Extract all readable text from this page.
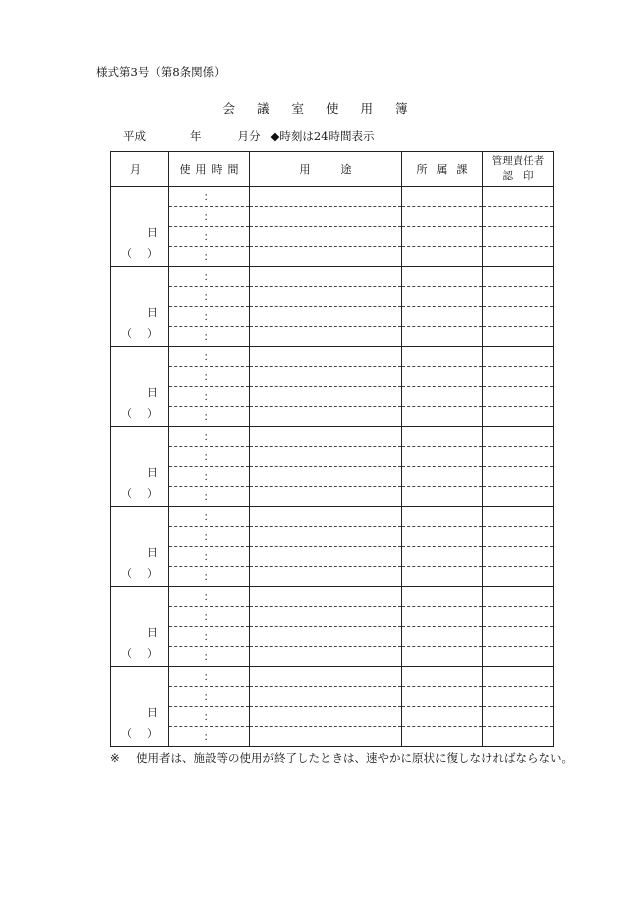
様式第3号（第8条関係）
会議室使用簿
平成	年	月分 ◆時刻は24時間表示
月	使用時間	用途	所属課	管理責任者
認印

日
（ ）	：			
	：			
	：			
	：			

日
（ ）	：			
	：			
	：			
	：			

日
（ ）	：			
	：			
	：			
	：			

日
（ ）	：			
	：			
	：			
	：			

日
（ ）	：			
	：			
	：			
	：			

日
（ ）	：			
	：			
	：			
	：			

日
（ ）	：			
	：			
	：			
	：			
※ 使用者は、施設等の使用が終了したときは、速やかに原状に復しなければならない。
